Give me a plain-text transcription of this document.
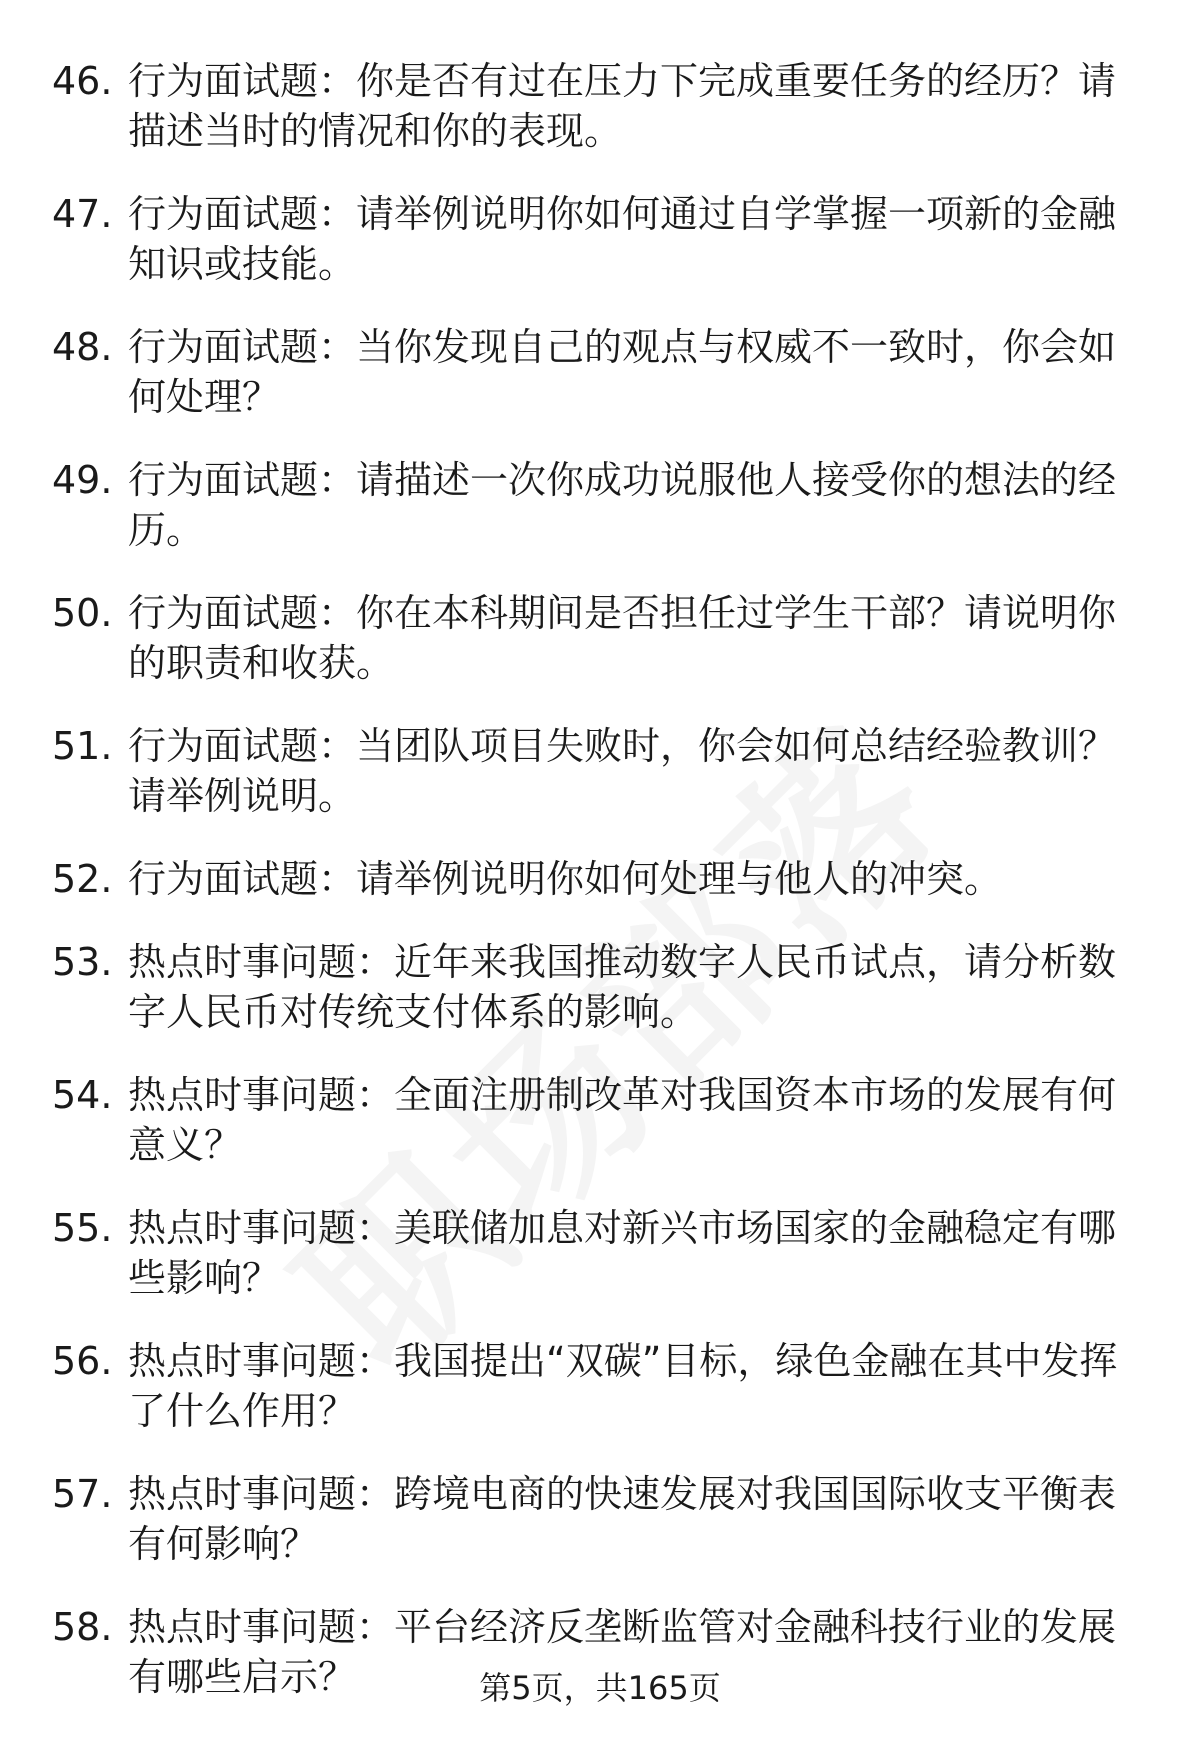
46. 行为面试题：你是否有过在压力下完成重要任务的经历？请描述当时的情况和你的表现。
47. 行为面试题：请举例说明你如何通过自学掌握一项新的金融知识或技能。
48. 行为面试题：当你发现自己的观点与权威不一致时，你会如何处理？
49. 行为面试题：请描述一次你成功说服他人接受你的想法的经历。
50. 行为面试题：你在本科期间是否担任过学生干部？请说明你的职责和收获。
51. 行为面试题：当团队项目失败时，你会如何总结经验教训？请举例说明。
52. 行为面试题：请举例说明你如何处理与他人的冲突。
53. 热点时事问题：近年来我国推动数字人民币试点，请分析数字人民币对传统支付体系的影响。
54. 热点时事问题：全面注册制改革对我国资本市场的发展有何意义？
55. 热点时事问题：美联储加息对新兴市场国家的金融稳定有哪些影响？
56. 热点时事问题：我国提出“双碳”目标，绿色金融在其中发挥了什么作用？
57. 热点时事问题：跨境电商的快速发展对我国国际收支平衡表有何影响？
58. 热点时事问题：平台经济反垄断监管对金融科技行业的发展有哪些启示？	第5页，共165页
